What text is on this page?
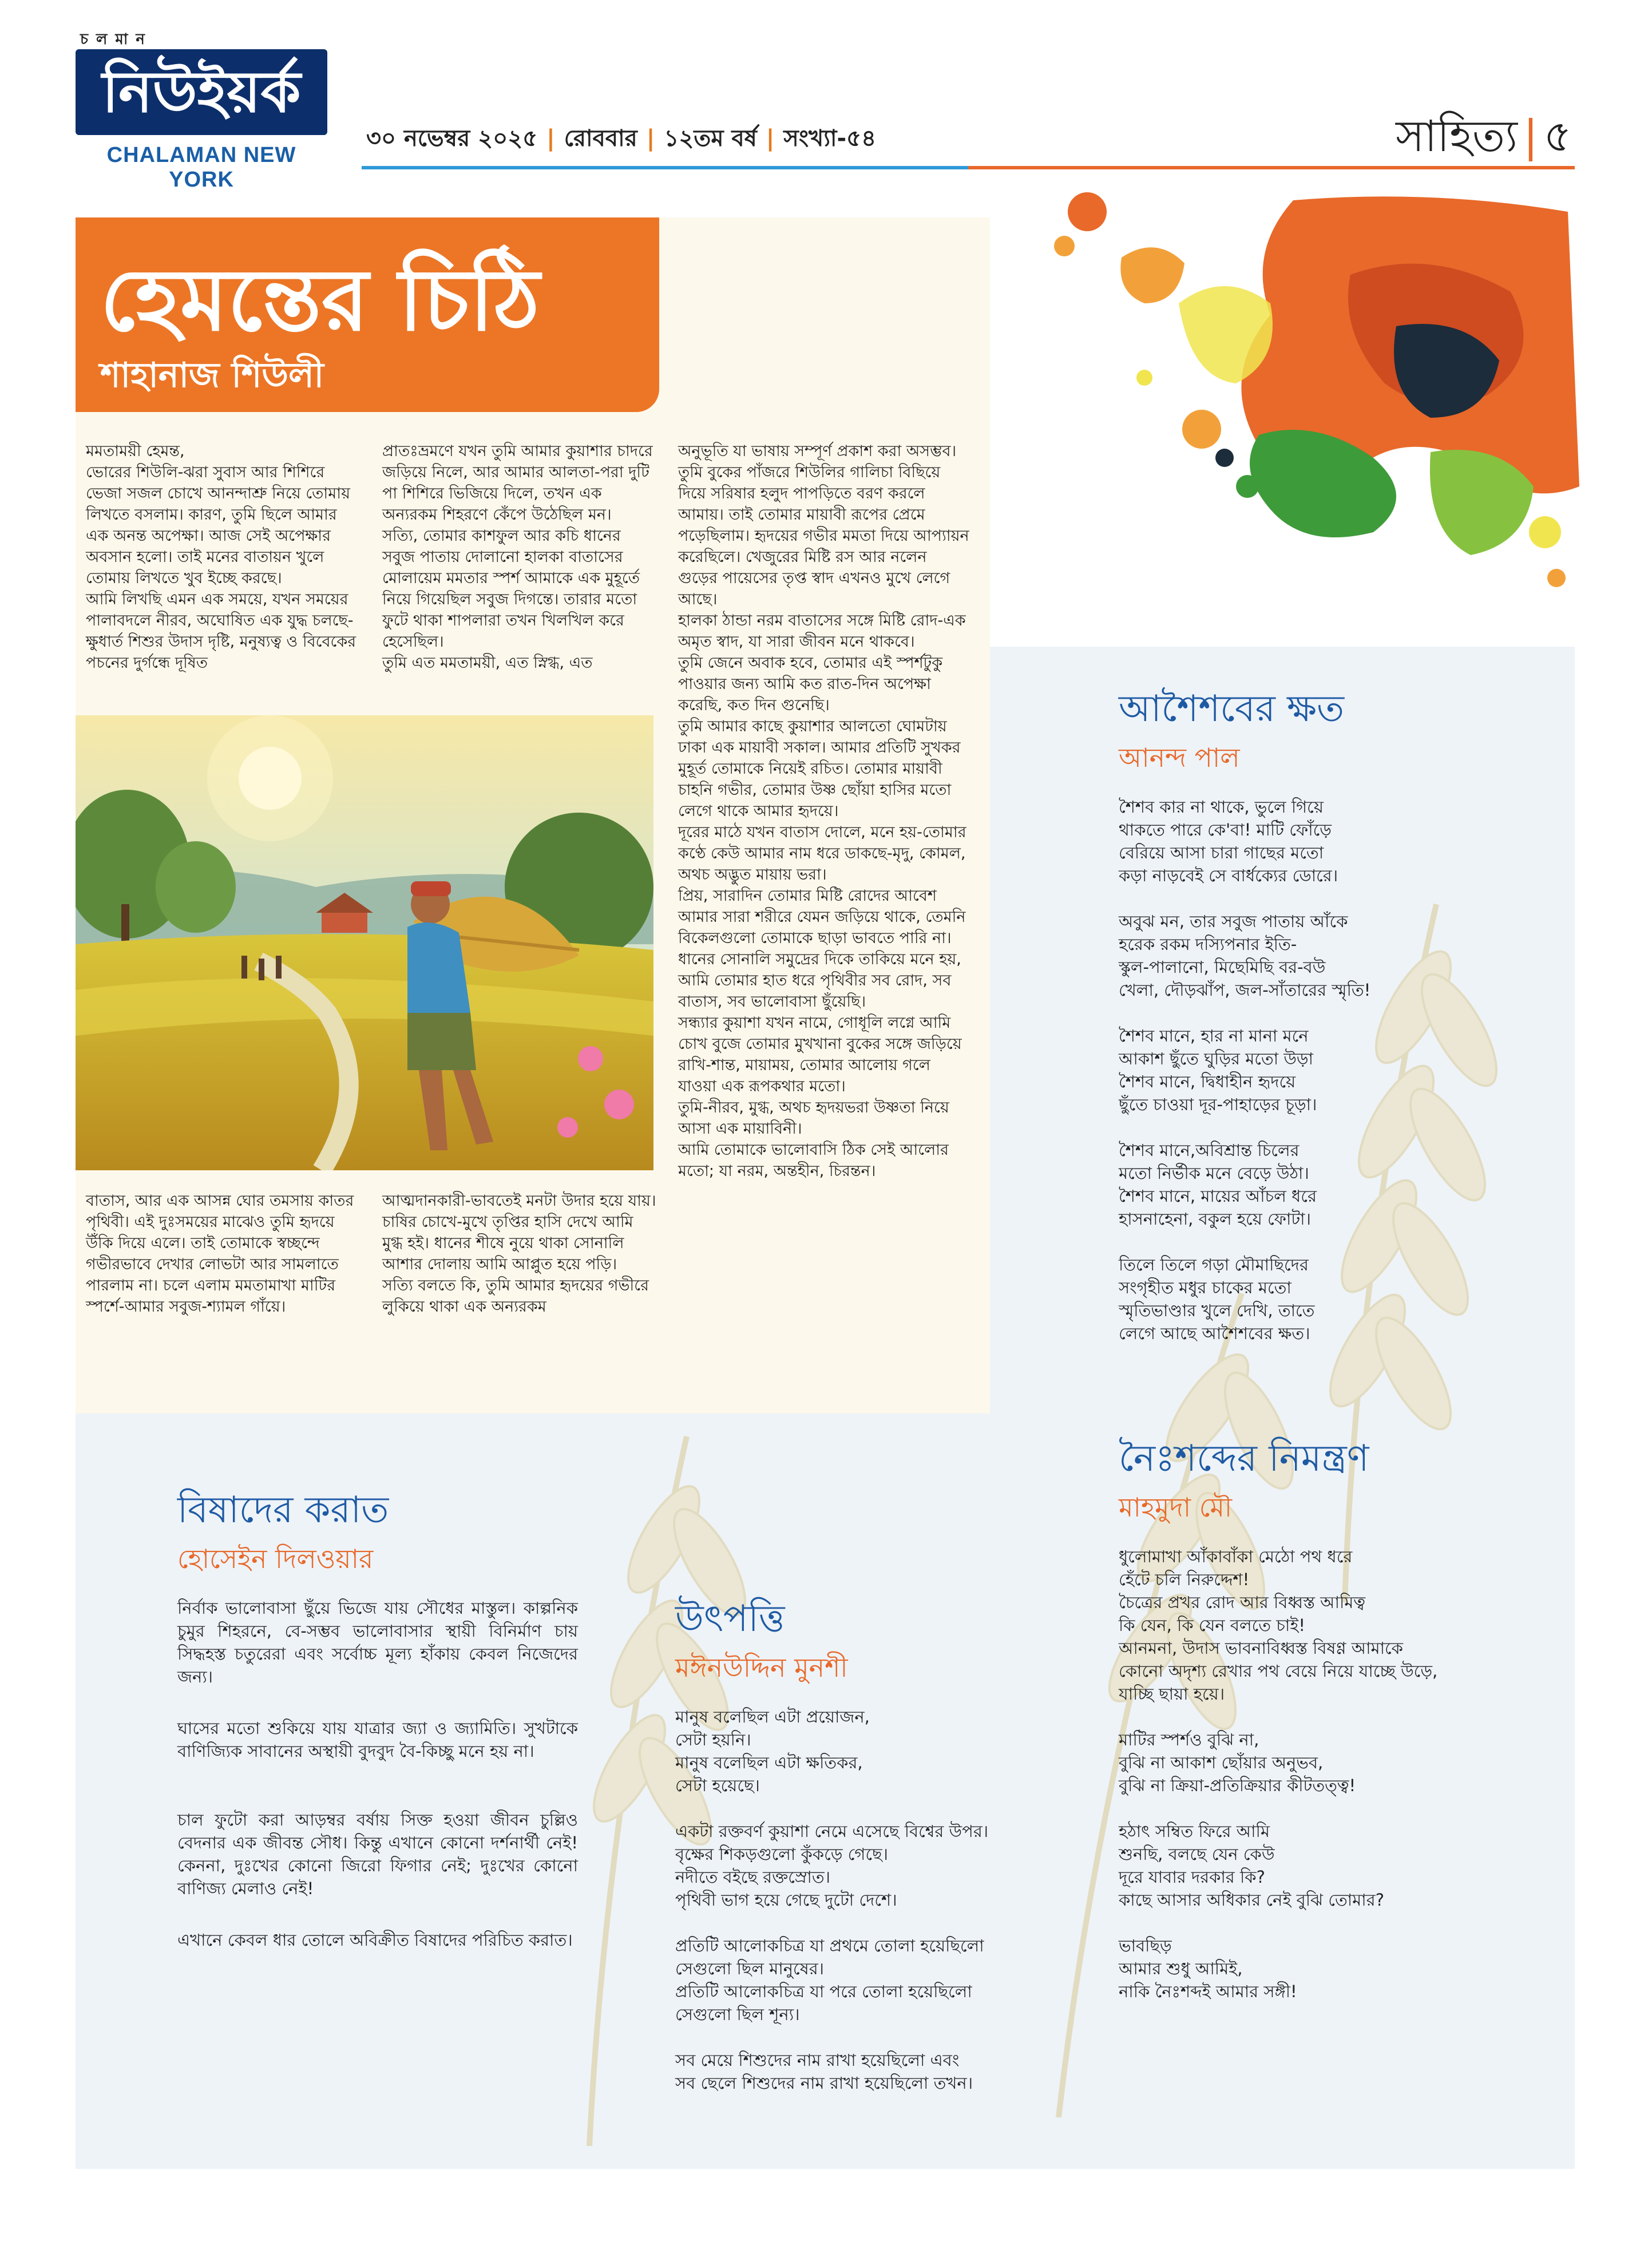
চলমান
নিউইয়র্ক
CHALAMAN NEW YORK
৩০ নভেম্বর ২০২৫ | রোববার | ১২তম বর্ষ | সংখ্যা-৫৪	সাহিত্য | ৫
হেমন্তের চিঠি
শাহানাজ শিউলী
মমতাময়ী হেমন্ত,
ভোরের শিউলি-ঝরা সুবাস আর শিশিরে ভেজা সজল চোখে আনন্দাশ্রু নিয়ে তোমায় লিখতে বসলাম। কারণ, তুমি ছিলে আমার এক অনন্ত অপেক্ষা। আজ সেই অপেক্ষার অবসান হলো। তাই মনের বাতায়ন খুলে তোমায় লিখতে খুব ইচ্ছে করছে।
আমি লিখছি এমন এক সময়ে, যখন সময়ের পালাবদলে নীরব, অঘোষিত এক যুদ্ধ চলছে-ক্ষুধার্ত শিশুর উদাস দৃষ্টি, মনুষ্যত্ব ও বিবেকের পচনের দুর্গন্ধে দূষিত
প্রাতঃভ্রমণে যখন তুমি আমার কুয়াশার চাদরে জড়িয়ে নিলে, আর আমার আলতা-পরা দুটি পা শিশিরে ভিজিয়ে দিলে, তখন এক অন্যরকম শিহরণে কেঁপে উঠেছিল মন।
সত্যি, তোমার কাশফুল আর কচি ধানের সবুজ পাতায় দোলানো হালকা বাতাসের মোলায়েম মমতার স্পর্শ আমাকে এক মুহূর্তে নিয়ে গিয়েছিল সবুজ দিগন্তে। তারার মতো ফুটে থাকা শাপলারা তখন খিলখিল করে হেসেছিল।
তুমি এত মমতাময়ী, এত স্নিগ্ধ, এত
অনুভূতি যা ভাষায় সম্পূর্ণ প্রকাশ করা অসম্ভব।
তুমি বুকের পাঁজরে শিউলির গালিচা বিছিয়ে দিয়ে সরিষার হলুদ পাপড়িতে বরণ করলে আমায়। তাই তোমার মায়াবী রূপের প্রেমে পড়েছিলাম। হৃদয়ের গভীর মমতা দিয়ে আপ্যায়ন করেছিলে। খেজুরের মিষ্টি রস আর নলেন গুড়ের পায়েসের তৃপ্ত স্বাদ এখনও মুখে লেগে আছে।
হালকা ঠান্ডা নরম বাতাসের সঙ্গে মিষ্টি রোদ-এক অমৃত স্বাদ, যা সারা জীবন মনে থাকবে।
তুমি জেনে অবাক হবে, তোমার এই স্পর্শটুকু পাওয়ার জন্য আমি কত রাত-দিন অপেক্ষা করেছি, কত দিন গুনেছি।
তুমি আমার কাছে কুয়াশার আলতো ঘোমটায় ঢাকা এক মায়াবী সকাল। আমার প্রতিটি সুখকর মুহূর্ত তোমাকে নিয়েই রচিত। তোমার মায়াবী চাহনি গভীর, তোমার উষ্ণ ছোঁয়া হাসির মতো লেগে থাকে আমার হৃদয়ে।
দূরের মাঠে যখন বাতাস দোলে, মনে হয়-তোমার কণ্ঠে কেউ আমার নাম ধরে ডাকছে-মৃদু, কোমল, অথচ অদ্ভুত মায়ায় ভরা।
প্রিয়, সারাদিন তোমার মিষ্টি রোদের আবেশ আমার সারা শরীরে যেমন জড়িয়ে থাকে, তেমনি বিকেলগুলো তোমাকে ছাড়া ভাবতে পারি না।
ধানের সোনালি সমুদ্রের দিকে তাকিয়ে মনে হয়, আমি তোমার হাত ধরে পৃথিবীর সব রোদ, সব বাতাস, সব ভালোবাসা ছুঁয়েছি।
সন্ধ্যার কুয়াশা যখন নামে, গোধূলি লগ্নে আমি চোখ বুজে তোমার মুখখানা বুকের সঙ্গে জড়িয়ে রাখি-শান্ত, মায়াময়, তোমার আলোয় গলে যাওয়া এক রূপকথার মতো।
তুমি-নীরব, মুগ্ধ, অথচ হৃদয়ভরা উষ্ণতা নিয়ে আসা এক মায়াবিনী।
আমি তোমাকে ভালোবাসি ঠিক সেই আলোর মতো; যা নরম, অন্তহীন, চিরন্তন।
বাতাস, আর এক আসন্ন ঘোর তমসায় কাতর পৃথিবী। এই দুঃসময়ের মাঝেও তুমি হৃদয়ে উঁকি দিয়ে এলে। তাই তোমাকে স্বচ্ছন্দে গভীরভাবে দেখার লোভটা আর সামলাতে পারলাম না। চলে এলাম মমতামাখা মাটির স্পর্শে-আমার সবুজ-শ্যামল গাঁয়ে।
আত্মদানকারী-ভাবতেই মনটা উদার হয়ে যায়।
চাষির চোখে-মুখে তৃপ্তির হাসি দেখে আমি মুগ্ধ হই। ধানের শীষে নুয়ে থাকা সোনালি আশার দোলায় আমি আপ্লুত হয়ে পড়ি।
সত্যি বলতে কি, তুমি আমার হৃদয়ের গভীরে লুকিয়ে থাকা এক অন্যরকম
আশৈশবের ক্ষত
আনন্দ পাল
শৈশব কার না থাকে, ভুলে গিয়ে
থাকতে পারে কে'বা! মাটি ফোঁড়ে
বেরিয়ে আসা চারা গাছের মতো
কড়া নাড়বেই সে বার্ধক্যের ডোরে।

অবুঝ মন, তার সবুজ পাতায় আঁকে
হরেক রকম দস্যিপনার ইতি-
স্কুল-পালানো, মিছেমিছি বর-বউ
খেলা, দৌড়ঝাঁপ, জল-সাঁতারের স্মৃতি!

শৈশব মানে, হার না মানা মনে
আকাশ ছুঁতে ঘুড়ির মতো উড়া
শৈশব মানে, দ্বিধাহীন হৃদয়ে
ছুঁতে চাওয়া দূর-পাহাড়ের চূড়া।

শৈশব মানে,অবিশ্রান্ত চিলের
মতো নির্ভীক মনে বেড়ে উঠা।
শৈশব মানে, মায়ের আঁচল ধরে
হাসনাহেনা, বকুল হয়ে ফোটা।

তিলে তিলে গড়া মৌমাছিদের
সংগৃহীত মধুর চাকের মতো
স্মৃতিভাণ্ডার খুলে দেখি, তাতে
লেগে আছে আশৈশবের ক্ষত।
নৈঃশব্দের নিমন্ত্রণ
মাহমুদা মৌ
ধুলোমাখা আঁকাবাঁকা মেঠো পথ ধরে
হেঁটে চলি নিরুদ্দেশ!
চৈত্রের প্রখর রোদ আর বিধ্বস্ত আমিত্ব
কি যেন, কি যেন বলতে চাই!
আনমনা, উদাস ভাবনাবিধ্বস্ত বিষণ্ণ আমাকে
কোনো অদৃশ্য রেখার পথ বেয়ে নিয়ে যাচ্ছে উড়ে,
যাচ্ছি ছায়া হয়ে।

মাটির স্পর্শও বুঝি না,
বুঝি না আকাশ ছোঁয়ার অনুভব,
বুঝি না ক্রিয়া-প্রতিক্রিয়ার কীটতত্ত্ব!

হঠাৎ সম্বিত ফিরে আমি
শুনছি, বলছে যেন কেউ
দূরে যাবার দরকার কি?
কাছে আসার অধিকার নেই বুঝি তোমার?

ভাবছিড়
আমার শুধু আমিই,
নাকি নৈঃশব্দই আমার সঙ্গী!
বিষাদের করাত
হোসেইন দিলওয়ার
নির্বাক ভালোবাসা ছুঁয়ে ভিজে যায় সৌধের মাস্তুল। কাল্পনিক চুমুর শিহরনে, বে-সম্ভব ভালোবাসার স্থায়ী বিনির্মাণ চায় সিদ্ধহস্ত চতুরেরা এবং সর্বোচ্চ মূল্য হাঁকায় কেবল নিজেদের জন্য।
ঘাসের মতো শুকিয়ে যায় যাত্রার জ্যা ও জ্যামিতি। সুখটাকে বাণিজ্যিক সাবানের অস্থায়ী বুদবুদ বৈ-কিচ্ছু মনে হয় না।
চাল ফুটো করা আড়ম্বর বর্ষায় সিক্ত হওয়া জীবন চুল্লিও বেদনার এক জীবন্ত সৌধ। কিন্তু এখানে কোনো দর্শনার্থী নেই! কেননা, দুঃখের কোনো জিরো ফিগার নেই; দুঃখের কোনো বাণিজ্য মেলাও নেই!
এখানে কেবল ধার তোলে অবিক্রীত বিষাদের পরিচিত করাত।
উৎপত্তি
মঈনউদ্দিন মুনশী
মানুষ বলেছিল এটা প্রয়োজন,
সেটা হয়নি।
মানুষ বলেছিল এটা ক্ষতিকর,
সেটা হয়েছে।

একটা রক্তবর্ণ কুয়াশা নেমে এসেছে বিশ্বের উপর।
বৃক্ষের শিকড়গুলো কুঁকড়ে গেছে।
নদীতে বইছে রক্তস্রোত।
পৃথিবী ভাগ হয়ে গেছে দুটো দেশে।

প্রতিটি আলোকচিত্র যা প্রথমে তোলা হয়েছিলো
সেগুলো ছিল মানুষের।
প্রতিটি আলোকচিত্র যা পরে তোলা হয়েছিলো
সেগুলো ছিল শূন্য।

সব মেয়ে শিশুদের নাম রাখা হয়েছিলো এবং
সব ছেলে শিশুদের নাম রাখা হয়েছিলো তখন।
